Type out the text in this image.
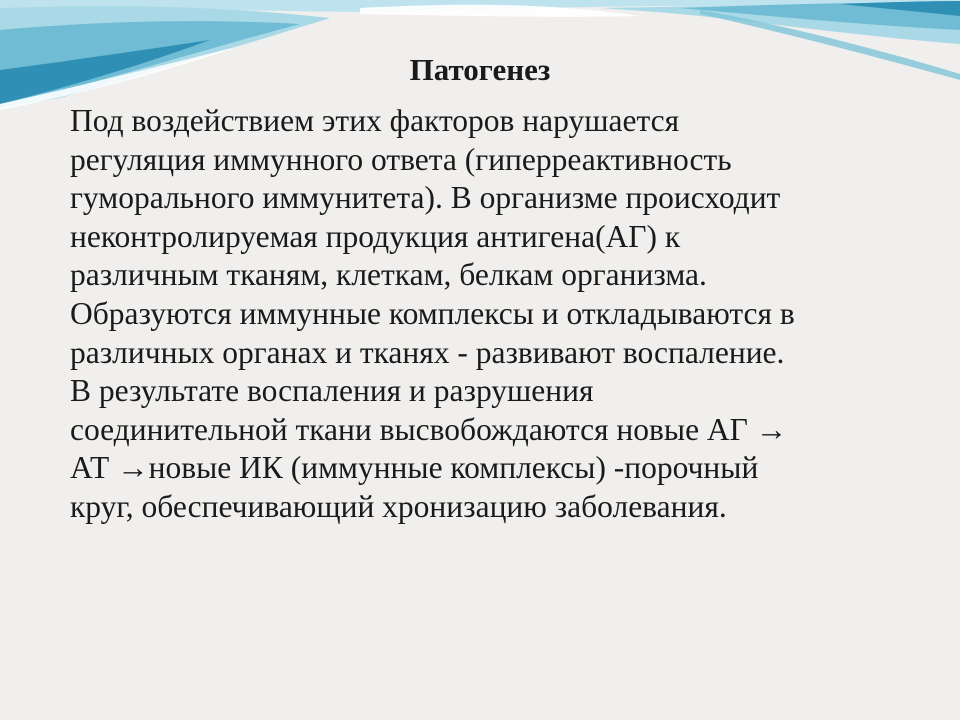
Патогенез
Под воздействием этих факторов нарушается
регуляция иммунного ответа (гиперреактивность
гуморального иммунитета). В организме происходит
неконтролируемая продукция антигена(АГ) к
различным тканям, клеткам, белкам организма.
Образуются иммунные комплексы и откладываются в
различных органах и тканях - развивают воспаление.
В результате воспаления и разрушения
соединительной ткани высвобождаются новые АГ →
АТ →новые ИК (иммунные комплексы) -порочный
круг, обеспечивающий хронизацию заболевания.
